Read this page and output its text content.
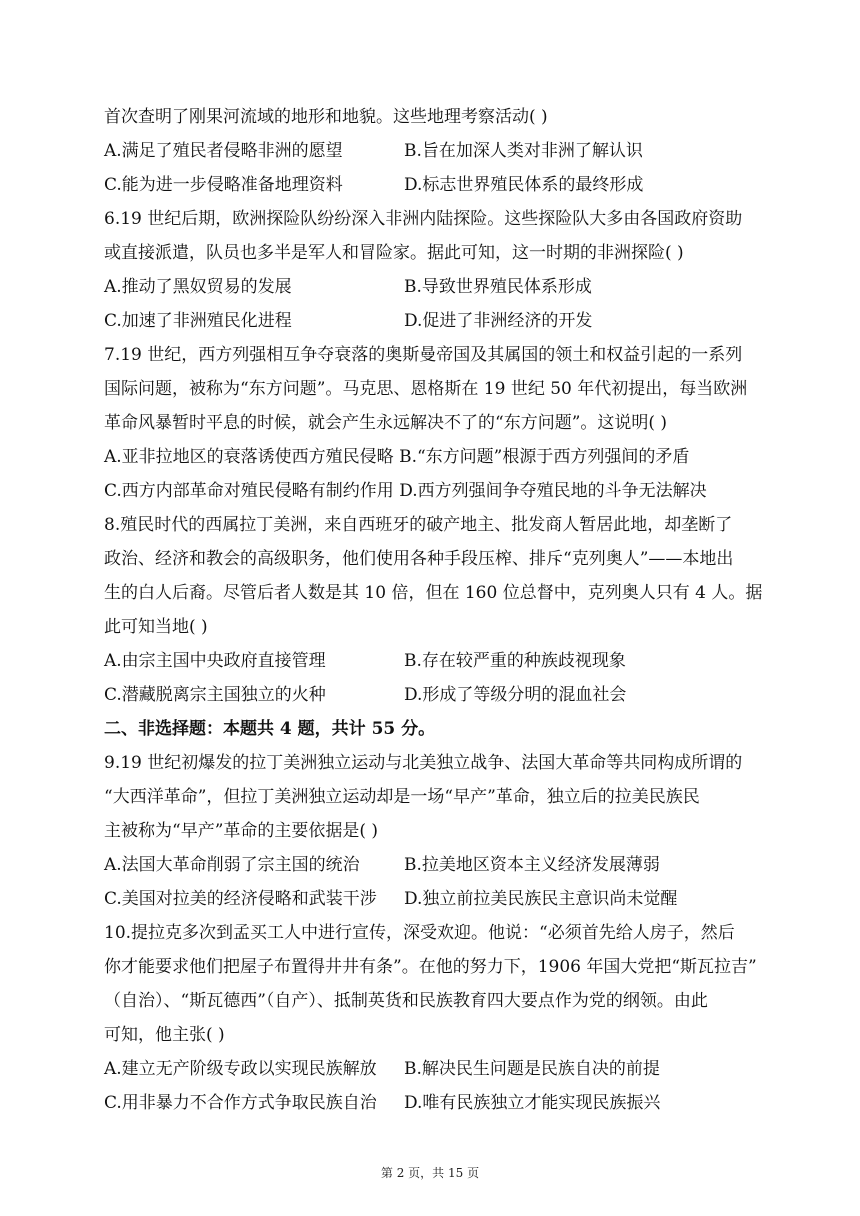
首次查明了刚果河流域的地形和地貌。这些地理考察活动( )
A.满足了殖民者侵略非洲的愿望	B.旨在加深人类对非洲了解认识
C.能为进一步侵略准备地理资料	D.标志世界殖民体系的最终形成
6.19 世纪后期，欧洲探险队纷纷深入非洲内陆探险。这些探险队大多由各国政府资助
或直接派遣，队员也多半是军人和冒险家。据此可知，这一时期的非洲探险( )
A.推动了黑奴贸易的发展	B.导致世界殖民体系形成
C.加速了非洲殖民化进程	D.促进了非洲经济的开发
7.19 世纪，西方列强相互争夺衰落的奥斯曼帝国及其属国的领土和权益引起的一系列
国际问题，被称为“东方问题”。马克思、恩格斯在 19 世纪 50 年代初提出，每当欧洲
革命风暴暂时平息的时候，就会产生永远解决不了的“东方问题”。这说明( )
A.亚非拉地区的衰落诱使西方殖民侵略 B.“东方问题”根源于西方列强间的矛盾
C.西方内部革命对殖民侵略有制约作用 D.西方列强间争夺殖民地的斗争无法解决
8.殖民时代的西属拉丁美洲，来自西班牙的破产地主、批发商人暂居此地，却垄断了
政治、经济和教会的高级职务，他们使用各种手段压榨、排斥“克列奥人”——本地出
生的白人后裔。尽管后者人数是其 10 倍，但在 160 位总督中，克列奥人只有 4 人。据
此可知当地( )
A.由宗主国中央政府直接管理	B.存在较严重的种族歧视现象
C.潜藏脱离宗主国独立的火种	D.形成了等级分明的混血社会
二、非选择题：本题共 4 题，共计 55 分。
9.19 世纪初爆发的拉丁美洲独立运动与北美独立战争、法国大革命等共同构成所谓的
“大西洋革命”，但拉丁美洲独立运动却是一场“早产”革命，独立后的拉美民族民
主被称为“早产”革命的主要依据是( )
A.法国大革命削弱了宗主国的统治	B.拉美地区资本主义经济发展薄弱
C.美国对拉美的经济侵略和武装干涉	D.独立前拉美民族民主意识尚未觉醒
10.提拉克多次到孟买工人中进行宣传，深受欢迎。他说：“必须首先给人房子，然后
你才能要求他们把屋子布置得井井有条”。在他的努力下，1906 年国大党把“斯瓦拉吉”
（自治）、“斯瓦德西”（自产）、抵制英货和民族教育四大要点作为党的纲领。由此
可知，他主张( )
A.建立无产阶级专政以实现民族解放	B.解决民生问题是民族自决的前提
C.用非暴力不合作方式争取民族自治	D.唯有民族独立才能实现民族振兴
第 2 页，共 15 页
